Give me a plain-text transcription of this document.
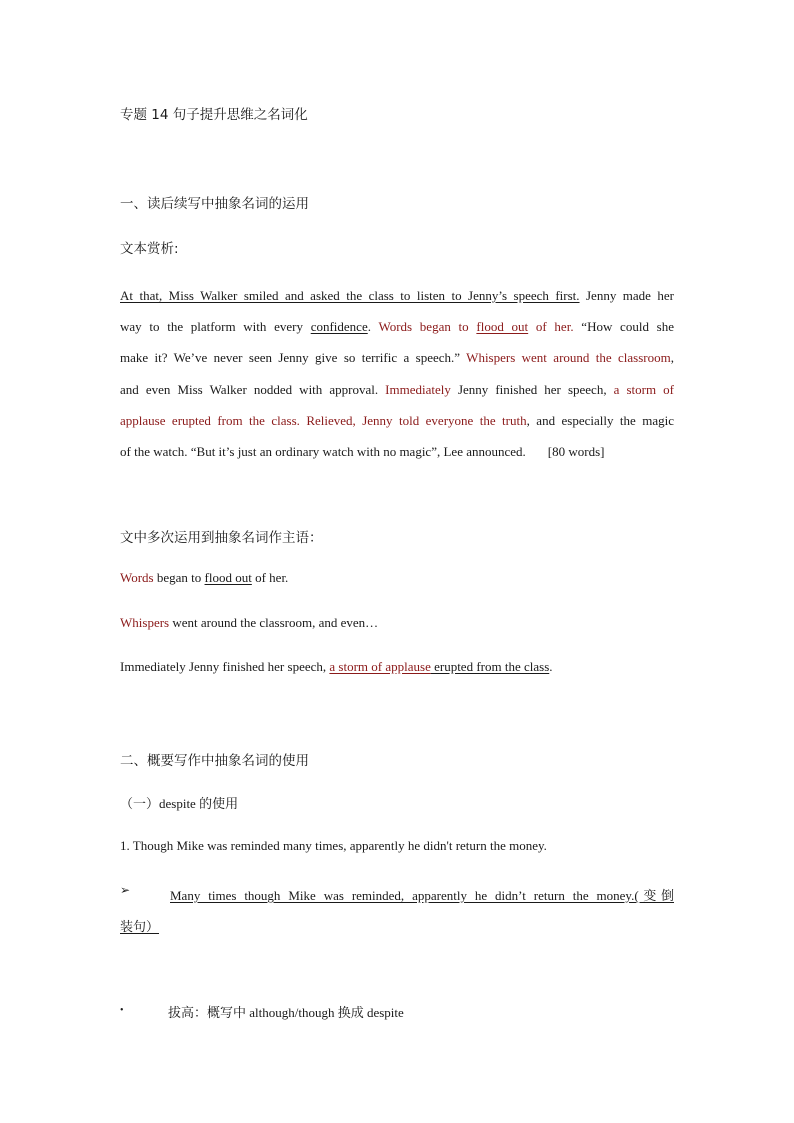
专题 14 句子提升思维之名词化
一、读后续写中抽象名词的运用
文本赏析:
At that, Miss Walker smiled and asked the class to listen to Jenny’s speech first. Jenny made her
way to the platform with every confidence. Words began to flood out of her. “How could she
make it? We’ve never seen Jenny give so terrific a speech.” Whispers went around the classroom,
and even Miss Walker nodded with approval. Immediately Jenny finished her speech, a storm of
applause erupted from the class. Relieved, Jenny told everyone the truth, and especially the magic
of the watch. “But it’s just an ordinary watch with no magic”, Lee announced. [80 words]
文中多次运用到抽象名词作主语：
Words began to flood out of her.
Whispers went around the classroom, and even…
Immediately Jenny finished her speech, a storm of applause erupted from the class.
二、概要写作中抽象名词的使用
（一）despite 的使用
1. Though Mike was reminded many times, apparently he didn't return the money.
➢	Many times though Mike was reminded, apparently he didn’t return the money.(变倒
装句）
•	拔高：概写中 although/though 换成 despite
